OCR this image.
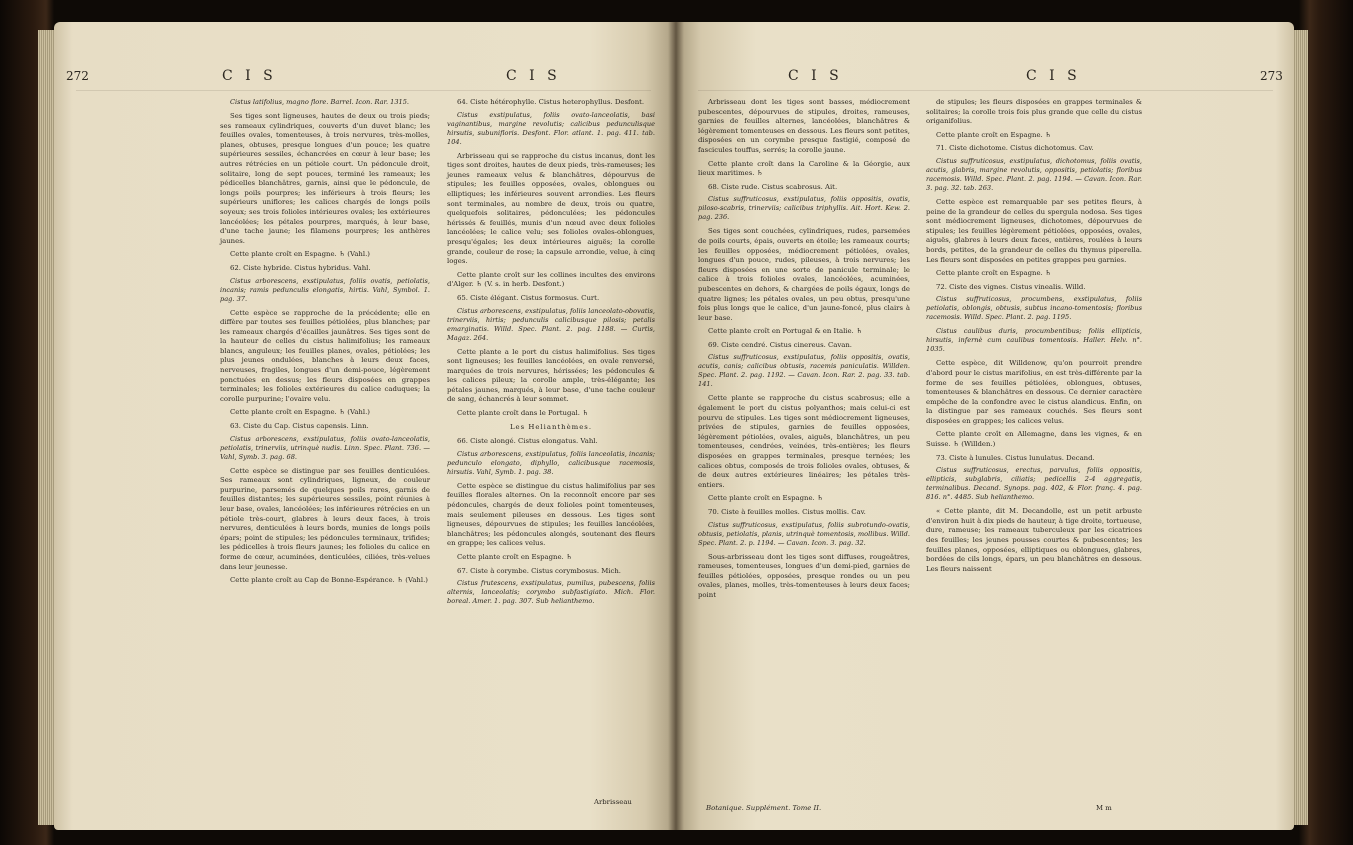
272	C I S	C I S

Cistus latifolius, magno flore. Barrel. Icon. Rar. 1315.

Ses tiges sont ligneuses, hautes de deux ou trois pieds; ses rameaux cylindriques, couverts d'un duvet blanc; les feuilles ovales, tomenteuses, à trois nervures, très-molles, planes, obtuses, presque longues d'un pouce; les quatre supérieures sessiles, échancrées en cœur à leur base; les autres rétrécies en un pétiole court. Un pédoncule droit, solitaire, long de sept pouces, terminé les rameaux; les pédicelles blanchâtres, garnis, ainsi que le pédoncule, de longs poils pourpres; les inférieurs à trois fleurs; les supérieurs uniflores; les calices chargés de longs poils soyeux; ses trois folioles intérieures ovales; les extérieures lancéolées; les pétales pourpres, marqués, à leur base, d'une tache jaune; les filamens pourpres; les anthères jaunes.

Cette plante croît en Espagne. ♄ (Vahl.)

62. Ciste hybride. Cistus hybridus. Vahl.

Cistus arborescens, exstipulatus, foliis ovatis, petiolatis, incanis; ramis pedunculis elongatis, hirtis. Vahl, Symbol. 1. pag. 37.

Cette espèce se rapproche de la précédente; elle en diffère par toutes ses feuilles pétiolées, plus blanches; par les rameaux chargés d'écailles jaunâtres. Ses tiges sont de la hauteur de celles du cistus halimifolius; les rameaux blancs, anguleux; les feuilles planes, ovales, pétiolées; les plus jeunes ondulées, blanches à leurs deux faces, nerveuses, fragiles, longues d'un demi-pouce, légèrement ponctuées en dessus; les fleurs disposées en grappes terminales; les folioles extérieures du calice caduques; la corolle purpurine; l'ovaire velu.

Cette plante croît en Espagne. ♄ (Vahl.)

63. Ciste du Cap. Cistus capensis. Linn.

Cistus arborescens, exstipulatus, foliis ovato-lanceolatis, petiolatis, trinerviis, utrinquè nudis. Linn. Spec. Plant. 736. — Vahl, Symb. 3. pag. 68.

Cette espèce se distingue par ses feuilles denticulées. Ses rameaux sont cylindriques, ligneux, de couleur purpurine, parsemés de quelques poils rares, garnis de feuilles distantes; les supérieures sessiles, point réunies à leur base, ovales, lancéolées; les inférieures rétrécies en un pétiole très-court, glabres à leurs deux faces, à trois nervures, denticulées à leurs bords, munies de longs poils épars; point de stipules; les pédoncules terminaux, trifides; les pédicelles à trois fleurs jaunes; les folioles du calice en forme de cœur, acuminées, denticulées, ciliées, très-velues dans leur jeunesse.

Cette plante croît au Cap de Bonne-Espérance. ♄ (Vahl.)

64. Ciste hétérophylle. Cistus heterophyllus. Desfont.

Cistus exstipulatus, foliis ovato-lanceolatis, basi vaginantibus, margine revolutis; calicibus pedunculisque hirsutis, subunifloris. Desfont. Flor. atlant. 1. pag. 411. tab. 104.

Arbrisseau qui se rapproche du cistus incanus, dont les tiges sont droites, hautes de deux pieds, très-rameuses; les jeunes rameaux velus & blanchâtres, dépourvus de stipules; les feuilles opposées, ovales, oblongues ou elliptiques; les inférieures souvent arrondies. Les fleurs sont terminales, au nombre de deux, trois ou quatre, quelquefois solitaires, pédonculées; les pédoncules hérissés & feuillés, munis d'un nœud avec deux folioles lancéolées; le calice velu; ses folioles ovales-oblongues, presqu'égales; les deux intérieures aiguës; la corolle grande, couleur de rose; la capsule arrondie, velue, à cinq loges.

Cette plante croît sur les collines incultes des environs d'Alger. ♄ (V. s. in herb. Desfont.)

65. Ciste élégant. Cistus formosus. Curt.

Cistus arborescens, exstipulatus, foliis lanceolato-obovatis, trinerviis, hirtis; pedunculis calicibusque pilosis; petalis emarginatis. Willd. Spec. Plant. 2. pag. 1188. — Curtis, Magaz. 264.

Cette plante a le port du cistus halimifolius. Ses tiges sont ligneuses; les feuilles lancéolées, en ovale renversé, marquées de trois nervures, hérissées; les pédoncules & les calices pileux; la corolle ample, très-élégante; les pétales jaunes, marqués, à leur base, d'une tache couleur de sang, échancrés à leur sommet.

Cette plante croît dans le Portugal. ♄

Les Helianthèmes.

66. Ciste alongé. Cistus elongatus. Vahl.

Cistus arborescens, exstipulatus, foliis lanceolatis, incanis; pedunculo elongato, diphyllo, calicibusque racemosis, hirsutis. Vahl, Symb. 1. pag. 38.

Cette espèce se distingue du cistus halimifolius par ses feuilles florales alternes. On la reconnoît encore par ses pédoncules, chargés de deux folioles point tomenteuses, mais seulement pileuses en dessous. Les tiges sont ligneuses, dépourvues de stipules; les feuilles lancéolées, blanchâtres; les pédoncules alongés, soutenant des fleurs en grappe; les calices velus.

Cette plante croît en Espagne. ♄

67. Ciste à corymbe. Cistus corymbosus. Mich.

Cistus frutescens, exstipulatus, pumilus, pubescens, foliis alternis, lanceolatis; corymbo subfastigiato. Mich. Flor. boreal. Amer. 1. pag. 307. Sub helianthemo.

Arbrisseau
C I S	C I S	273

Arbrisseau dont les tiges sont basses, médiocrement pubescentes, dépourvues de stipules, droites, rameuses, garnies de feuilles alternes, lancéolées, blanchâtres & légèrement tomenteuses en dessous. Les fleurs sont petites, disposées en un corymbe presque fastigié, composé de fascicules touffus, serrés; la corolle jaune.

Cette plante croît dans la Caroline & la Géorgie, aux lieux maritimes. ♄

68. Ciste rude. Cistus scabrosus. Ait.

Cistus suffruticosus, exstipulatus, foliis oppositis, ovatis, piloso-scabris, trinerviis; calicibus triphyllis. Ait. Hort. Kew. 2. pag. 236.

Ses tiges sont couchées, cylindriques, rudes, parsemées de poils courts, épais, ouverts en étoile; les rameaux courts; les feuilles opposées, médiocrement pétiolées, ovales, longues d'un pouce, rudes, pileuses, à trois nervures; les fleurs disposées en une sorte de panicule terminale; le calice à trois folioles ovales, lancéolées, acuminées, pubescentes en dehors, & chargées de poils égaux, longs de quatre lignes; les pétales ovales, un peu obtus, presqu'une fois plus longs que le calice, d'un jaune-foncé, plus clairs à leur base.

Cette plante croît en Portugal & en Italie. ♄

69. Ciste cendré. Cistus cinereus. Cavan.

Cistus suffruticosus, exstipulatus, foliis oppositis, ovatis, acutis, canis; calicibus obtusis, racemis paniculatis. Willden. Spec. Plant. 2. pag. 1192. — Cavan. Icon. Rar. 2. pag. 33. tab. 141.

Cette plante se rapproche du cistus scabrosus; elle a également le port du cistus polyanthos; mais celui-ci est pourvu de stipules. Les tiges sont médiocrement ligneuses, privées de stipules, garnies de feuilles opposées, légèrement pétiolées, ovales, aiguës, blanchâtres, un peu tomenteuses, cendrées, veinées, très-entières; les fleurs disposées en grappes terminales, presque ternées; les calices obtus, composés de trois folioles ovales, obtuses, & de deux autres extérieures linéaires; les pétales très-entiers.

Cette plante croît en Espagne. ♄

70. Ciste à feuilles molles. Cistus mollis. Cav.

Cistus suffruticosus, exstipulatus, foliis subrotundo-ovatis, obtusis, petiolatis, planis, utrinquè tomentosis, mollibus. Willd. Spec. Plant. 2. p. 1194. — Cavan. Icon. 3. pag. 32.

Sous-arbrisseau dont les tiges sont diffuses, rougeâtres, rameuses, tomenteuses, longues d'un demi-pied, garnies de feuilles pétiolées, opposées, presque rondes ou un peu ovales, planes, molles, très-tomenteuses à leurs deux faces; point

de stipules; les fleurs disposées en grappes terminales & solitaires; la corolle trois fois plus grande que celle du cistus origanifolius.

Cette plante croît en Espagne. ♄

71. Ciste dichotome. Cistus dichotomus. Cav.

Cistus suffruticosus, exstipulatus, dichotomus, foliis ovatis, acutis, glabris, margine revolutis, oppositis, petiolatis; floribus racemosis. Willd. Spec. Plant. 2. pag. 1194. — Cavan. Icon. Rar. 3. pag. 32. tab. 263.

Cette espèce est remarquable par ses petites fleurs, à peine de la grandeur de celles du spergula nodosa. Ses tiges sont médiocrement ligneuses, dichotomes, dépourvues de stipules; les feuilles légèrement pétiolées, opposées, ovales, aiguës, glabres à leurs deux faces, entières, roulées à leurs bords, petites, de la grandeur de celles du thymus piperella. Les fleurs sont disposées en petites grappes peu garnies.

Cette plante croît en Espagne. ♄

72. Ciste des vignes. Cistus vinealis. Willd.

Cistus suffruticosus, procumbens, exstipulatus, foliis petiolatis, oblongis, obtusis, subtus incano-tomentosis; floribus racemosis. Willd. Spec. Plant. 2. pag. 1195.

Cistus caulibus duris, procumbentibus; foliis ellipticis, hirsutis, infernè cum caulibus tomentosis. Haller. Helv. n°. 1035.

Cette espèce, dit Willdenow, qu'on pourroit prendre d'abord pour le cistus marifolius, en est très-différente par la forme de ses feuilles pétiolées, oblongues, obtuses, tomenteuses & blanchâtres en dessous. Ce dernier caractère empêche de la confondre avec le cistus alandicus. Enfin, on la distingue par ses rameaux couchés. Ses fleurs sont disposées en grappes; les calices velus.

Cette plante croît en Allemagne, dans les vignes, & en Suisse. ♄ (Willden.)

73. Ciste à lunules. Cistus lunulatus. Decand.

Cistus suffruticosus, erectus, parvulus, foliis oppositis, ellipticis, subglabris, ciliatis; pedicellis 2-4 aggregatis, terminalibus. Decand. Synops. pag. 402, & Flor. franç. 4. pag. 816. n°. 4485. Sub helianthemo.

« Cette plante, dit M. Decandolle, est un petit arbuste d'environ huit à dix pieds de hauteur, à tige droite, tortueuse, dure, rameuse; les rameaux tuberculeux par les cicatrices des feuilles; les jeunes pousses courtes & pubescentes; les feuilles planes, opposées, elliptiques ou oblongues, glabres, bordées de cils longs, épars, un peu blanchâtres en dessous. Les fleurs naissent

Botanique. Supplément. Tome II.	M m
